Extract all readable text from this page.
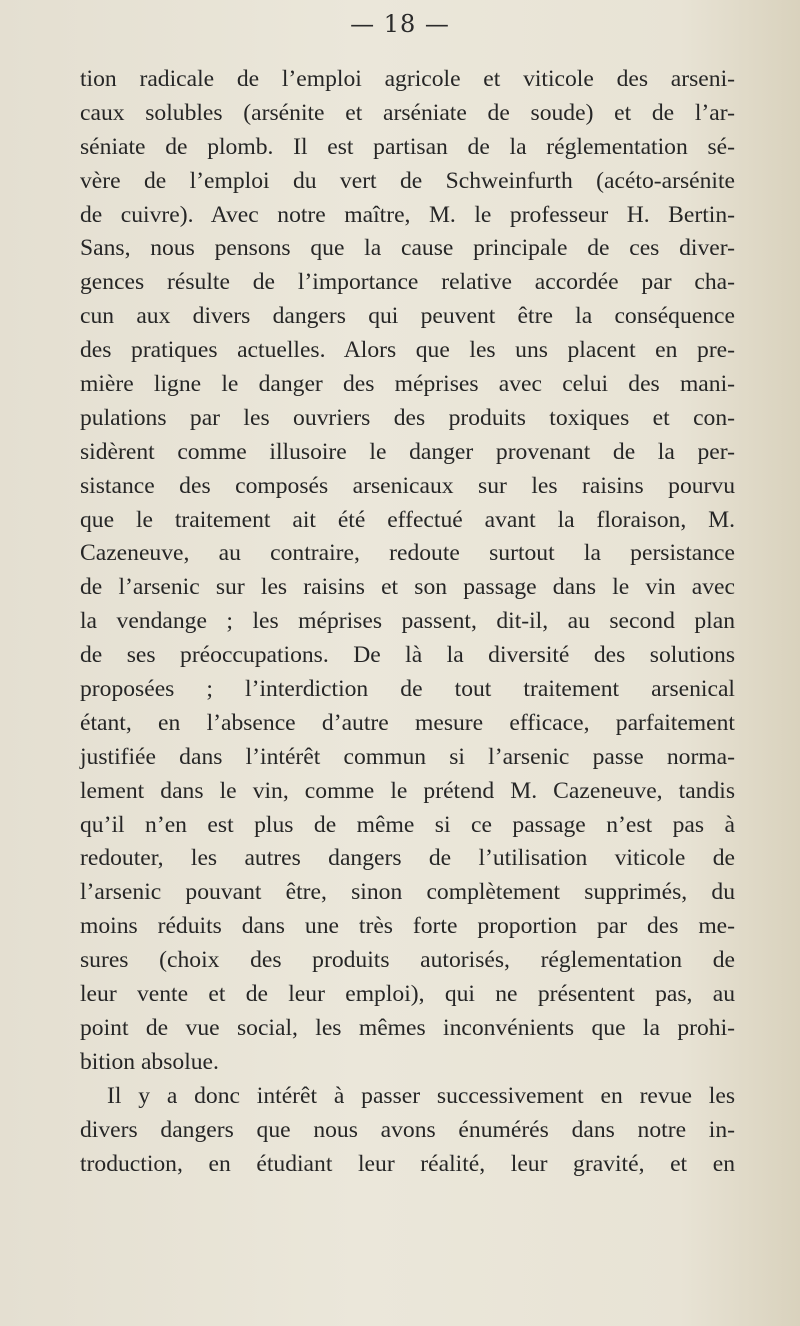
— 18 —
tion radicale de l’emploi agricole et viticole des arseni-
caux solubles (arsénite et arséniate de soude) et de l’ar-
séniate de plomb. Il est partisan de la réglementation sé-
vère de l’emploi du vert de Schweinfurth (acéto-arsénite
de cuivre). Avec notre maître, M. le professeur H. Bertin-
Sans, nous pensons que la cause principale de ces diver-
gences résulte de l’importance relative accordée par cha-
cun aux divers dangers qui peuvent être la conséquence
des pratiques actuelles. Alors que les uns placent en pre-
mière ligne le danger des méprises avec celui des mani-
pulations par les ouvriers des produits toxiques et con-
sidèrent comme illusoire le danger provenant de la per-
sistance des composés arsenicaux sur les raisins pourvu
que le traitement ait été effectué avant la floraison, M.
Cazeneuve, au contraire, redoute surtout la persistance
de l’arsenic sur les raisins et son passage dans le vin avec
la vendange ; les méprises passent, dit-il, au second plan
de ses préoccupations. De là la diversité des solutions
proposées ; l’interdiction de tout traitement arsenical
étant, en l’absence d’autre mesure efficace, parfaitement
justifiée dans l’intérêt commun si l’arsenic passe norma-
lement dans le vin, comme le prétend M. Cazeneuve, tandis
qu’il n’en est plus de même si ce passage n’est pas à
redouter, les autres dangers de l’utilisation viticole de
l’arsenic pouvant être, sinon complètement supprimés, du
moins réduits dans une très forte proportion par des me-
sures (choix des produits autorisés, réglementation de
leur vente et de leur emploi), qui ne présentent pas, au
point de vue social, les mêmes inconvénients que la prohi-
bition absolue.
Il y a donc intérêt à passer successivement en revue les
divers dangers que nous avons énumérés dans notre in-
troduction, en étudiant leur réalité, leur gravité, et en
